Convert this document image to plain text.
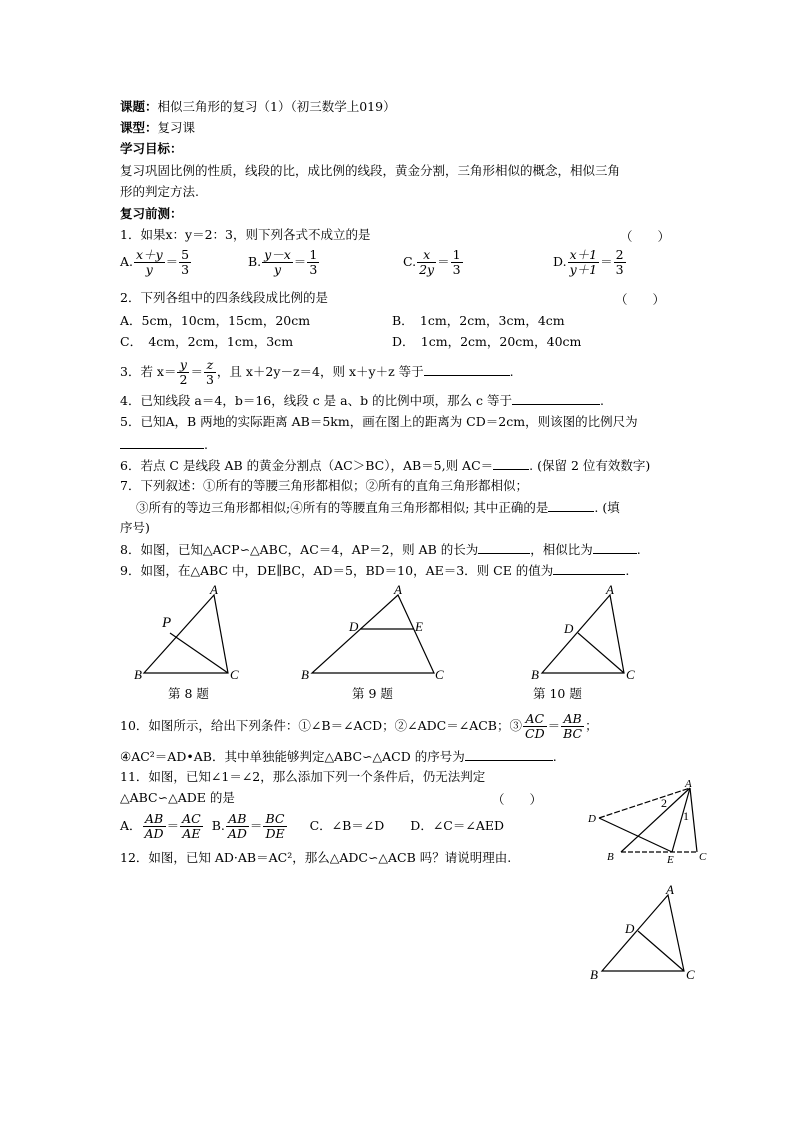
课题：相似三角形的复习（1）（初三数学上019）
课型：复习课
学习目标：
复习巩固比例的性质，线段的比，成比例的线段，黄金分割，三角形相似的概念，相似三角
形的判定方法.
复习前测：
1．如果x：y＝2：3，则下列各式不成立的是	（　　）
A. $\frac{x+y}{y} = \frac{5}{3}$	B. $\frac{y-x}{y} = \frac{1}{3}$	C. $\frac{x}{2y} = \frac{1}{3}$	D. $\frac{x+1}{y+1} = \frac{2}{3}$
2．下列各组中的四条线段成比例的是	（　　）
A．5cm，10cm，15cm，20cm	B．　1cm，2cm，3cm，4cm
C．　4cm，2cm，1cm，3cm	D．　1cm，2cm，20cm，40cm
3．若 $x= \frac{y}{2} = \frac{z}{3}$ ，且 x＋2y－z＝4，则 x＋y＋z 等于	.
4．已知线段 a＝4，b＝16，线段 c 是 a、b 的比例中项，那么 c 等于	.
5．已知A，B 两地的实际距离 AB＝5km，画在图上的距离为 CD＝2cm，则该图的比例尺为
.
6．若点 C 是线段 AB 的黄金分割点（AC＞BC），AB＝5,则 AC＝	. (保留 2 位有效数字)
7．下列叙述：①所有的等腰三角形都相似；②所有的直角三角形都相似；
③所有的等边三角形都相似;④所有的等腰直角三角形都相似; 其中正确的是	. (填
序号)
8．如图，已知△ACP∽△ABC，AC＝4，AP＝2，则 AB 的长为	，相似比为	.
9．如图，在△ABC 中，DE∥BC，AD＝5，BD＝10，AE＝3．则 CE 的值为	.
A
P
B	C
第 8 题
A
D	E
B	C
第 9 题
A
D
B	C
第 10 题
10．如图所示，给出下列条件：①∠B＝∠ACD；②∠ADC＝∠ACB；③ $\frac{AC}{CD} = \frac{AB}{BC}$ ；
④AC²＝AD•AB．其中单独能够判定△ABC∽△ACD 的序号为	.
11．如图，已知∠1＝∠2，那么添加下列一个条件后，仍无法判定
△ABC∽△ADE 的是	（　　）
A． $\frac{AB}{AD} = \frac{AC}{AE} B$. $\frac{AB}{AD} = \frac{BC}{DE}$ C．∠B＝∠D D．∠C＝∠AED
A
2
1
D
B	E C
12．如图，已知 AD·AB＝AC²，那么△ADC∽△ACB 吗？请说明理由.
A
D
B	C
